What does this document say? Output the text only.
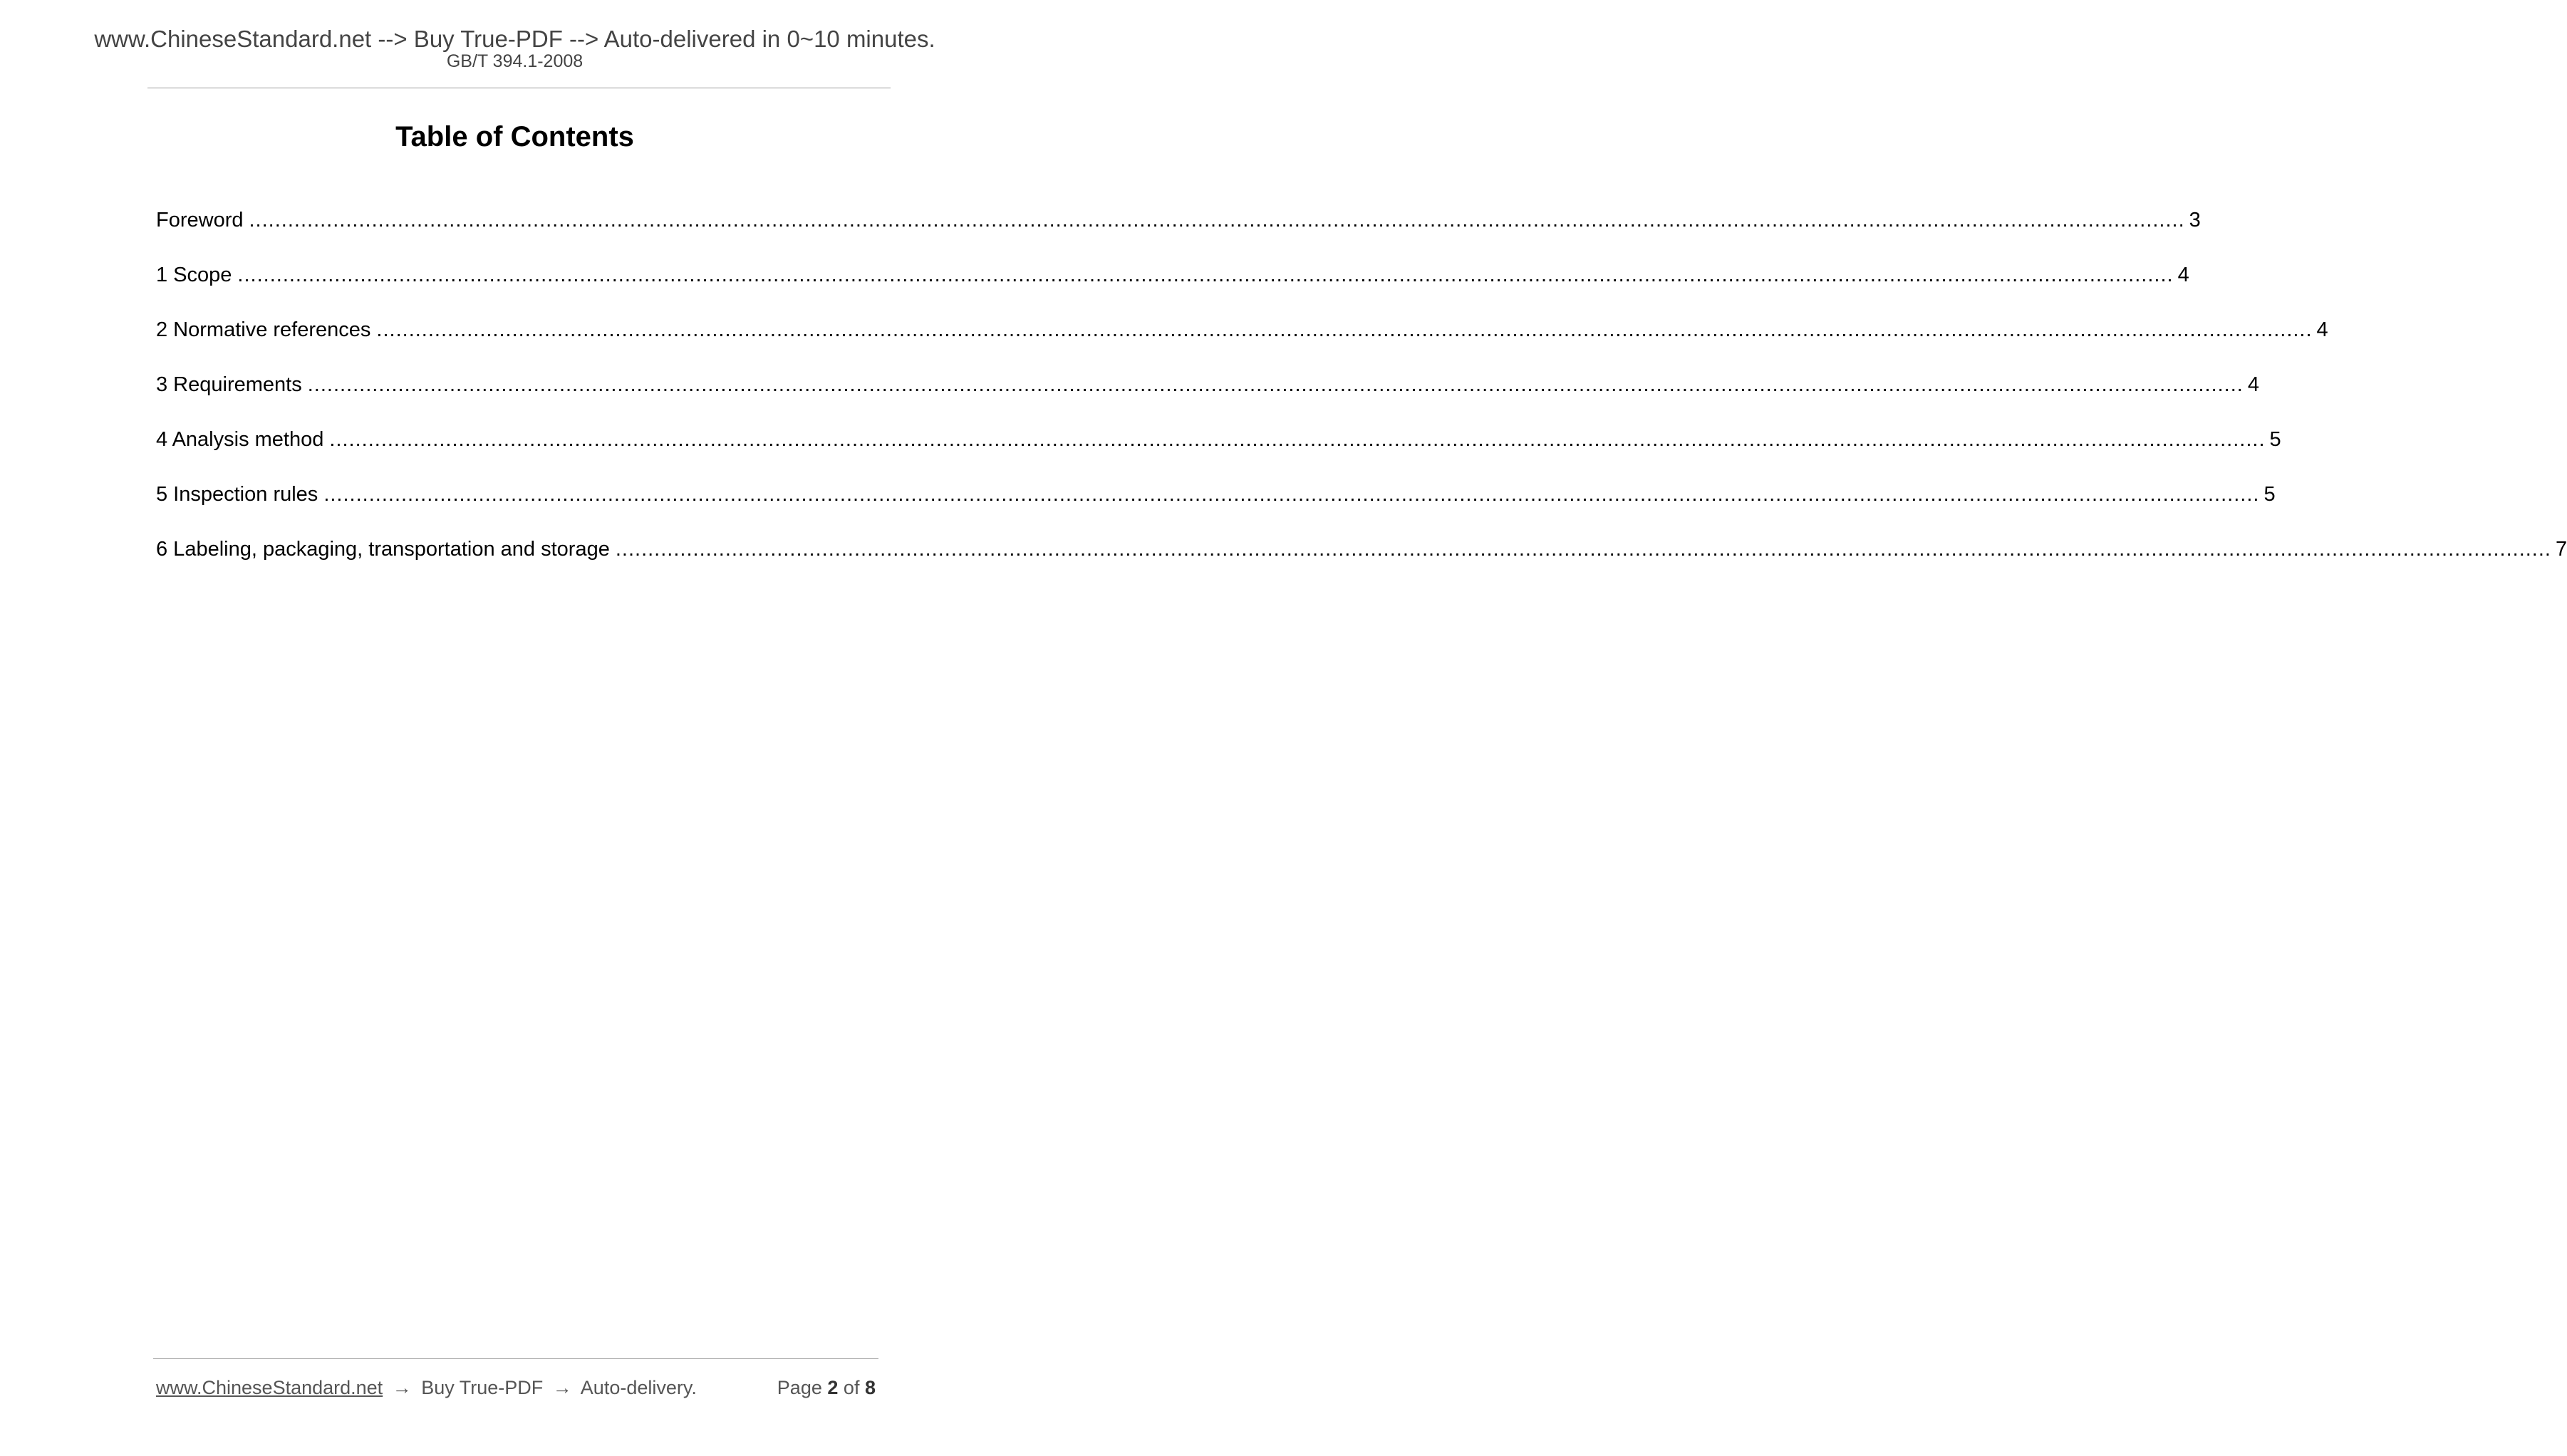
www.ChineseStandard.net --> Buy True-PDF --> Auto-delivered in 0~10 minutes.
GB/T 394.1-2008
Table of Contents
Foreword ............................................................................................................................................................................................................................................................................................................ 3
1 Scope ............................................................................................................................................................................................................................................................................................................ 4
2 Normative references ............................................................................................................................................................................................................................................................................................................ 4
3 Requirements ............................................................................................................................................................................................................................................................................................................ 4
4 Analysis method ............................................................................................................................................................................................................................................................................................................ 5
5 Inspection rules ............................................................................................................................................................................................................................................................................................................ 5
6 Labeling, packaging, transportation and storage ............................................................................................................................................................................................................................................................................................................ 7
www.ChineseStandard.net → Buy True-PDF → Auto-delivery.	Page 2 of 8
